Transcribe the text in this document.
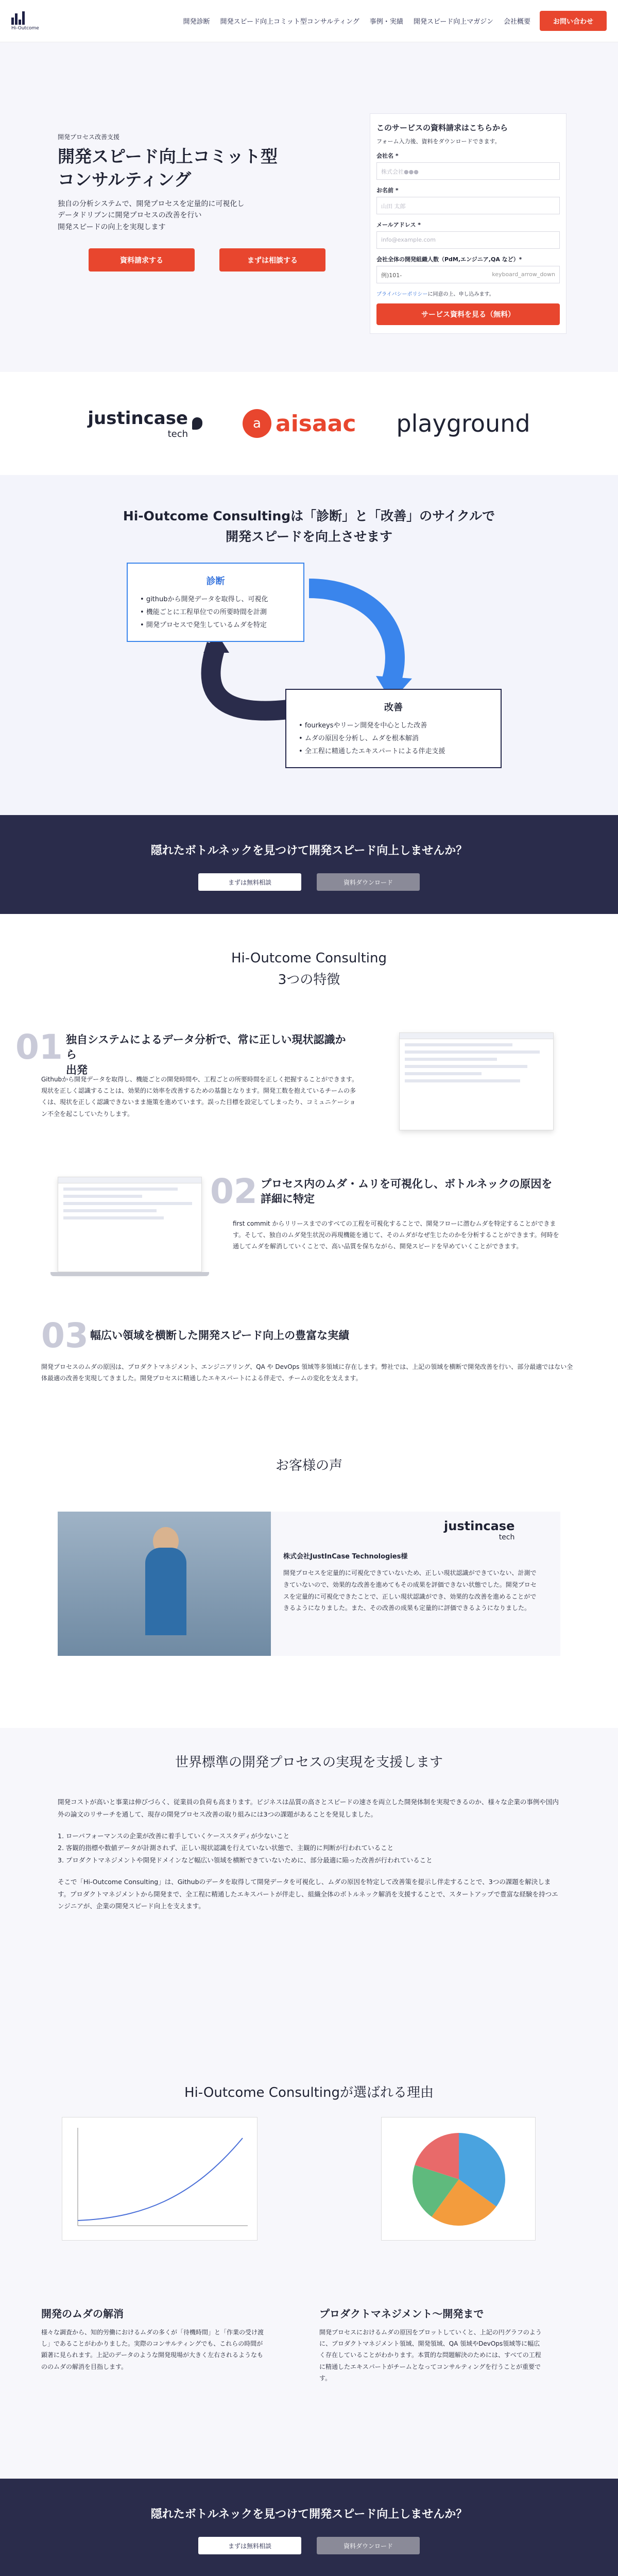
Hi-Outcome
開発診断 開発スピード向上コミット型コンサルティング 事例・実績 開発スピード向上マガジン 会社概要	お問い合わせ
開発プロセス改善支援
開発スピード向上コミット型
コンサルティング

独自の分析システムで、開発プロセスを定量的に可視化し
データドリブンに開発プロセスの改善を行い
開発スピードの向上を実現します

資料請求する	まずは相談する
このサービスの資料請求はこちらから
フォーム入力後、資料をダウンロードできます。
会社名 *
株式会社●●●
お名前 *
山田 太郎
メールアドレス *
info@example.com
会社全体の開発組織人数（PdM,エンジニア,QA など）*
例)101-	keyboard_arrow_down
プライバシーポリシーに同意の上、申し込みます。
サービス資料を見る（無料）
justincase
tech
a aisaac playground
Hi-Outcome Consultingは「診断」と「改善」のサイクルで
開発スピードを向上させます
診断
• githubから開発データを取得し、可視化
• 機能ごとに工程単位での所要時間を計測
• 開発プロセスで発生しているムダを特定
改善
• fourkeysやリーン開発を中心とした改善
• ムダの原因を分析し、ムダを根本解消
• 全工程に精通したエキスパートによる伴走支援
隠れたボトルネックを見つけて開発スピード向上しませんか？
まずは無料相談	資料ダウンロード
Hi-Outcome Consulting
3つの特徴
01 独自システムによるデータ分析で、常に正しい現状認識から
出発
Githubから開発データを取得し、機能ごとの開発時間や、工程ごとの所要時間を正しく把握することができます。現状を正しく認識することは、効果的に効率を改善するための基盤となります。開発工数を抱えているチームの多くは、現状を正しく認識できないまま施策を進めています。誤った目標を設定してしまったり、コミュニケーション不全を起こしていたりします。
02 プロセス内のムダ・ムリを可視化し、ボトルネックの原因を
詳細に特定
first commit からリリースまでのすべての工程を可視化することで、開発フローに潜むムダを特定することができます。そして、独自のムダ発生状況の再現機能を通じて、そのムダがなぜ生じたのかを分析することができます。何時を通してムダを解消していくことで、高い品質を保ちながら、開発スピードを早めていくことができます。
03 幅広い領域を横断した開発スピード向上の豊富な実績
開発プロセスのムダの原因は、プロダクトマネジメント、エンジニアリング、QA や DevOps 領域等多領域に存在します。弊社では、上記の領域を横断で開発改善を行い、部分最適ではない全体最適の改善を実現してきました。開発プロセスに精通したエキスパートによる伴走で、チームの変化を支えます。
お客様の声
justincase
tech
株式会社JustInCase Technologies様
開発プロセスを定量的に可視化できていないため、正しい現状認識ができていない、計測できていないので、効果的な改善を進めてもその成果を評価できない状態でした。開発プロセスを定量的に可視化できたことで、正しい現状認識ができ、効果的な改善を進めることができるようになりました。また、その改善の成果も定量的に評価できるようになりました。
世界標準の開発プロセスの実現を支援します

開発コストが高いと事業は伸びづらく、従業員の負荷も高まります。ビジネスは品質の高さとスピードの速さを両立した開発体制を実現できるのか、様々な企業の事例や国内外の論文のリサーチを通して、現存の開発プロセス改善の取り組みには3つの課題があることを発見しました。

1. ローパフォーマンスの企業が改善に着手していくケーススタディが少ないこと
2. 客観的指標や数値データが計測されず、正しい現状認識を行えていない状態で、主観的に判断が行われていること
3. プロダクトマネジメントや開発ドメインなど幅広い領域を横断できていないために、部分最適に陥った改善が行われていること

そこで「Hi-Outcome Consulting」は、Githubのデータを取得して開発データを可視化し、ムダの原因を特定して改善策を提示し伴走することで、3つの課題を解決します。プロダクトマネジメントから開発まで、全工程に精通したエキスパートが伴走し、組織全体のボトルネック解消を支援することで、スタートアップで豊富な経験を持つエンジニアが、企業の開発スピード向上を支えます。

Hi-Outcome Consultingが選ばれる理由
開発のムダの解消

様々な調査から、知的労働におけるムダの多くが「待機時間」と「作業の受け渡し」であることがわかりました。実際のコンサルティングでも、これらの時間が顕著に見られます。上記のデータのような開発現場が大きく左右されるようなもののムダの解消を目指します。

プロダクトマネジメント〜開発まで

開発プロセスにおけるムダの原因をプロットしていくと、上記の円グラフのように、プロダクトマネジメント領域、開発領域、QA 領域やDevOps領域等に幅広く存在していることがわかります。本質的な問題解決のためには、すべての工程に精通したエキスパートがチームとなってコンサルティングを行うことが重要です。

隠れたボトルネックを見つけて開発スピード向上しませんか？
まずは無料相談	資料ダウンロード
